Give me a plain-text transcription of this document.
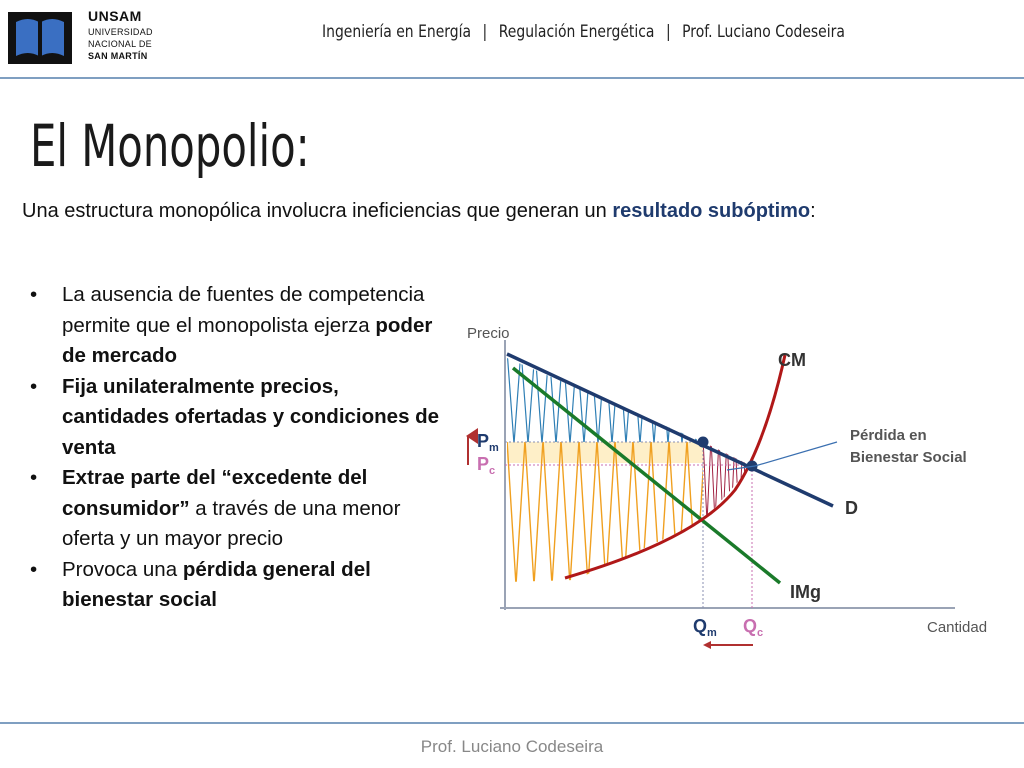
UNSAM
UNIVERSIDAD
NACIONAL DE
SAN MARTÍN
Ingeniería en Energía | Regulación Energética | Prof. Luciano Codeseira
El Monopolio:
Una estructura monopólica involucra ineficiencias que generan un resultado subóptimo:
• La ausencia de fuentes de competencia permite que el monopolista ejerza poder de mercado
• Fija unilateralmente precios, cantidades ofertadas y condiciones de venta
• Extrae parte del “excedente del consumidor” a través de una menor oferta y un mayor precio
• Provoca una pérdida general del bienestar social
Precio
Cantidad
CM
D
IMg
$P_m$
$P_c$
$Q_m$ $Q_c$
Pérdida en Bienestar Social
Prof. Luciano Codeseira
